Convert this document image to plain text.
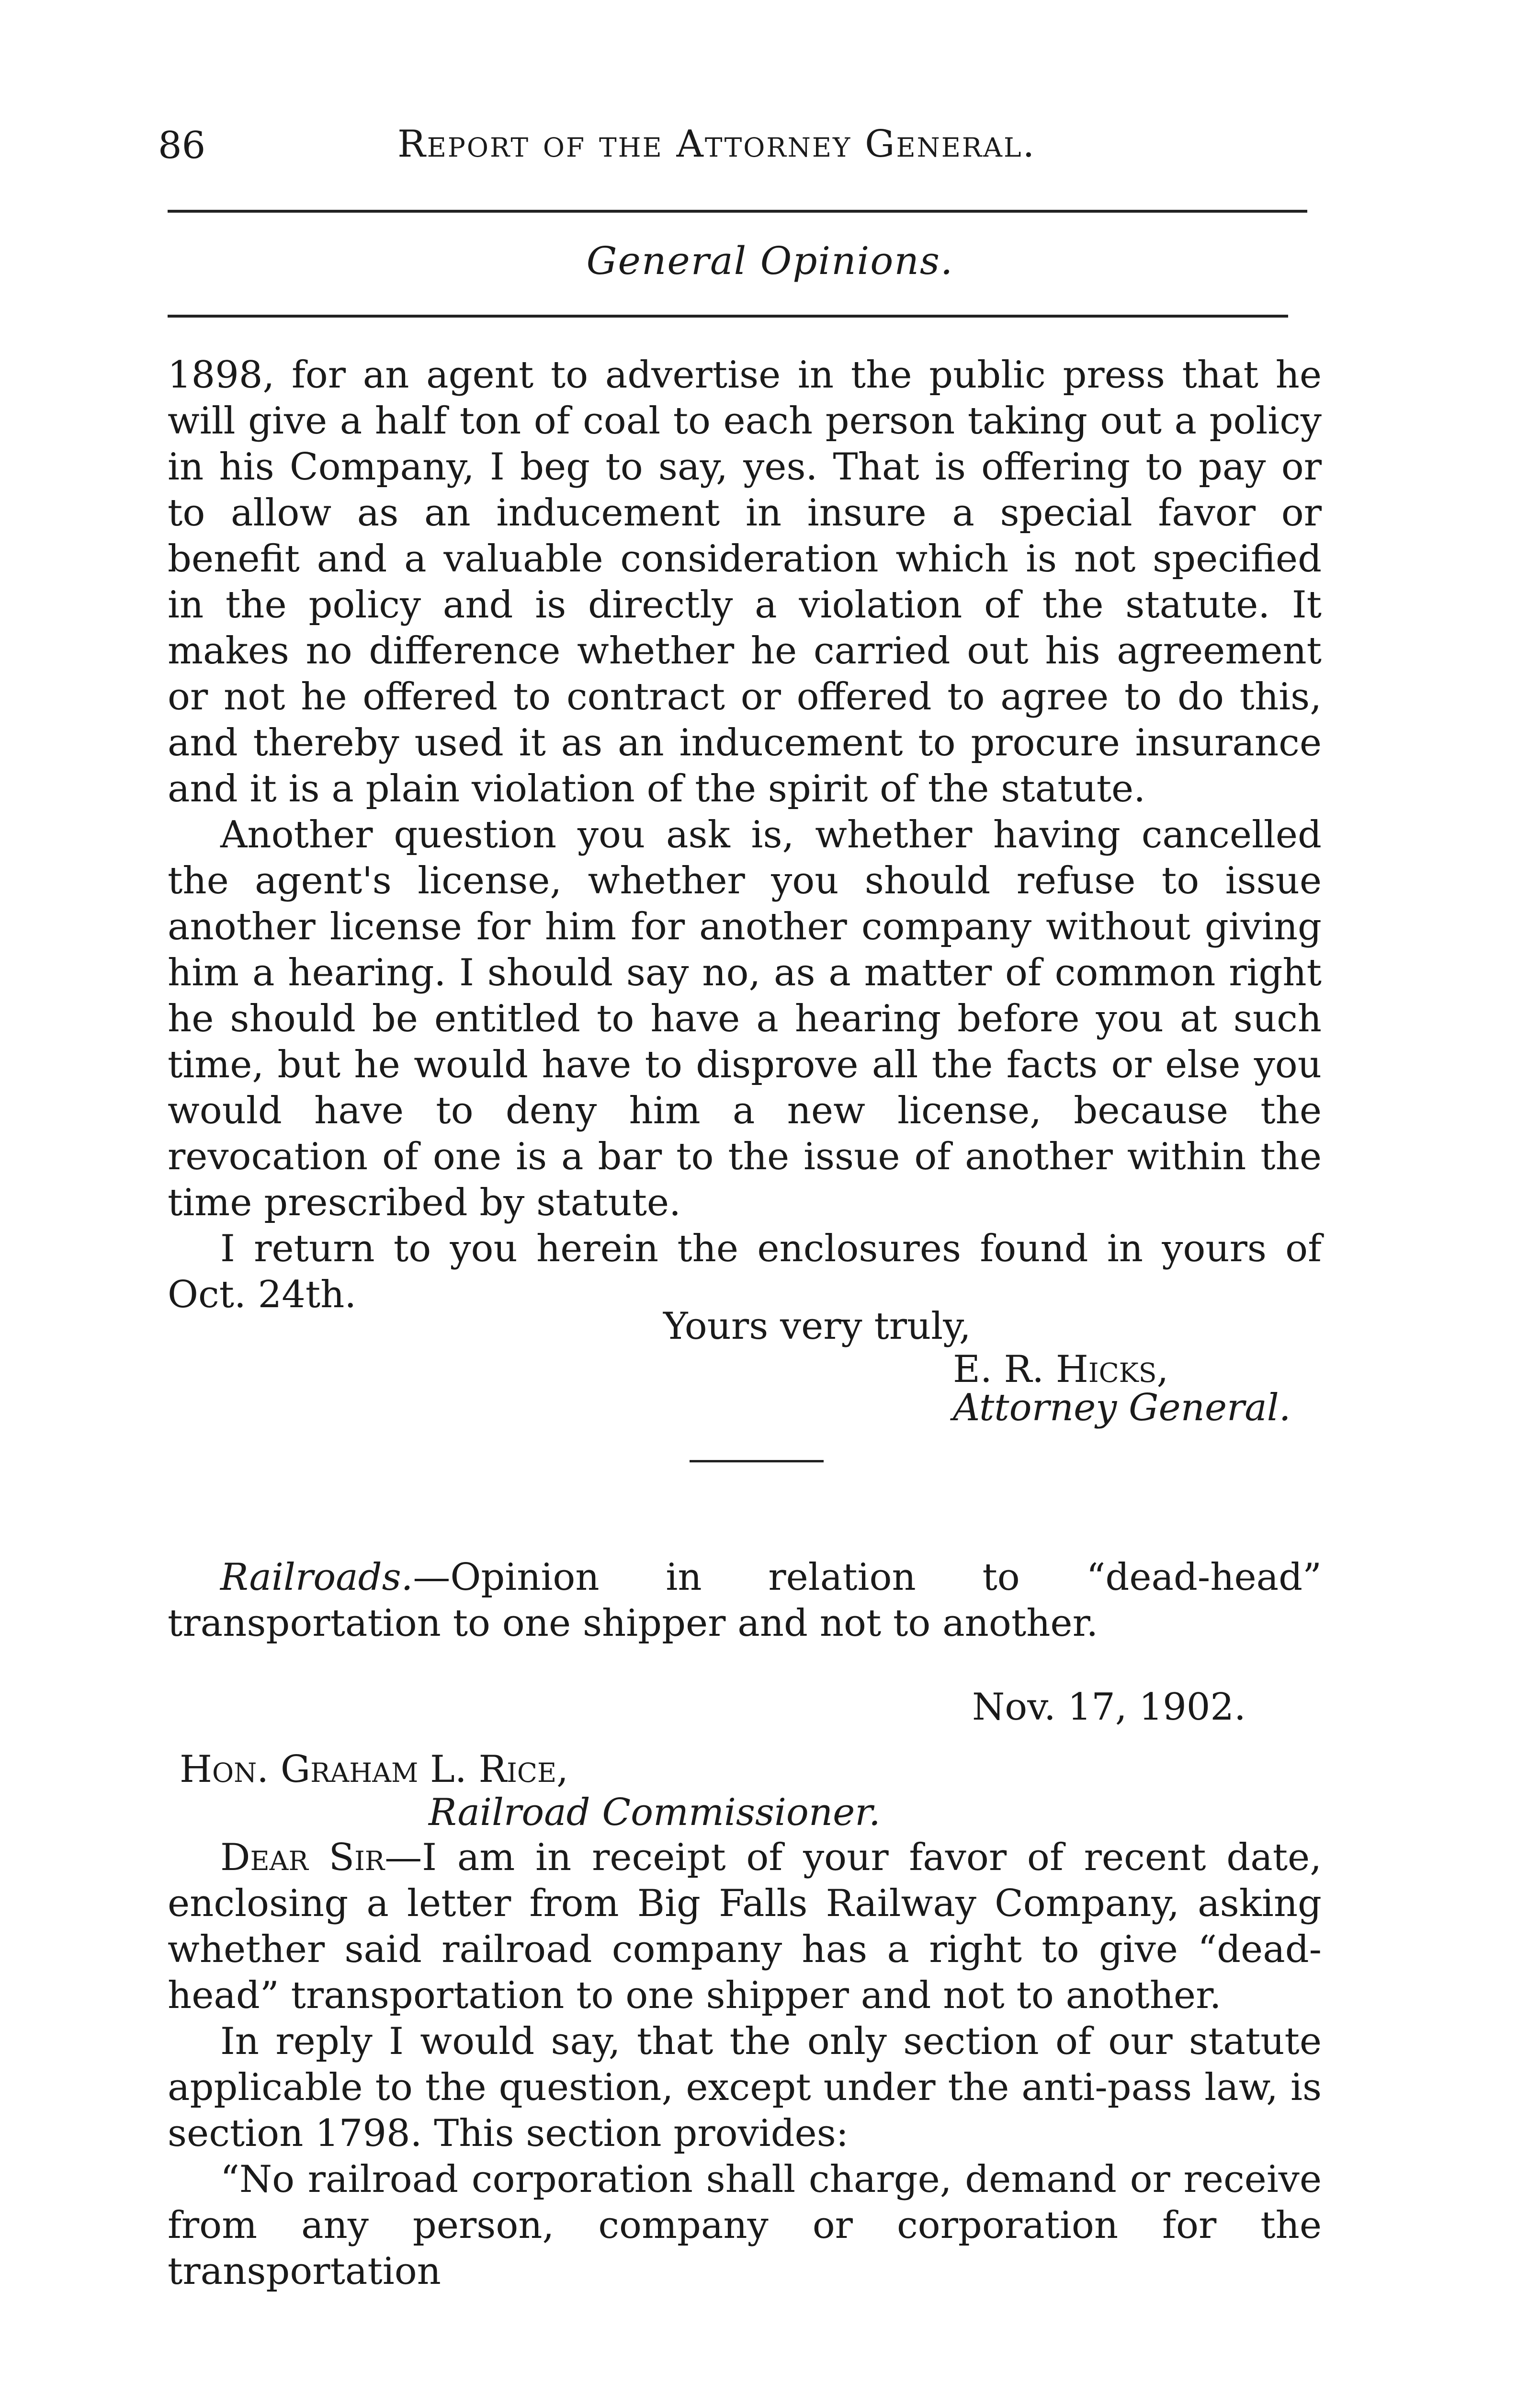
86	Report of the Attorney General.
General Opinions.

1898, for an agent to advertise in the public press that he will give a half ton of coal to each person taking out a policy in his Company, I beg to say, yes. That is offering to pay or to allow as an inducement in insure a special favor or benefit and a valuable consideration which is not specified in the policy and is directly a violation of the statute. It makes no difference whether he carried out his agreement or not he offered to contract or offered to agree to do this, and thereby used it as an inducement to procure insurance and it is a plain violation of the spirit of the statute.

Another question you ask is, whether having cancelled the agent's license, whether you should refuse to issue another license for him for another company without giving him a hearing. I should say no, as a matter of common right he should be entitled to have a hearing before you at such time, but he would have to disprove all the facts or else you would have to deny him a new license, because the revocation of one is a bar to the issue of another within the time prescribed by statute.

I return to you herein the enclosures found in yours of Oct. 24th.

Yours very truly,
E. R. Hicks,
Attorney General.

Railroads.—Opinion in relation to “dead-head” transportation to one shipper and not to another.

Nov. 17, 1902.
Hon. Graham L. Rice,
Railroad Commissioner.

Dear Sir—I am in receipt of your favor of recent date, enclosing a letter from Big Falls Railway Company, asking whether said railroad company has a right to give “dead-head” transportation to one shipper and not to another.

In reply I would say, that the only section of our statute applicable to the question, except under the anti-pass law, is section 1798. This section provides:

“No railroad corporation shall charge, demand or receive from any person, company or corporation for the transportation
